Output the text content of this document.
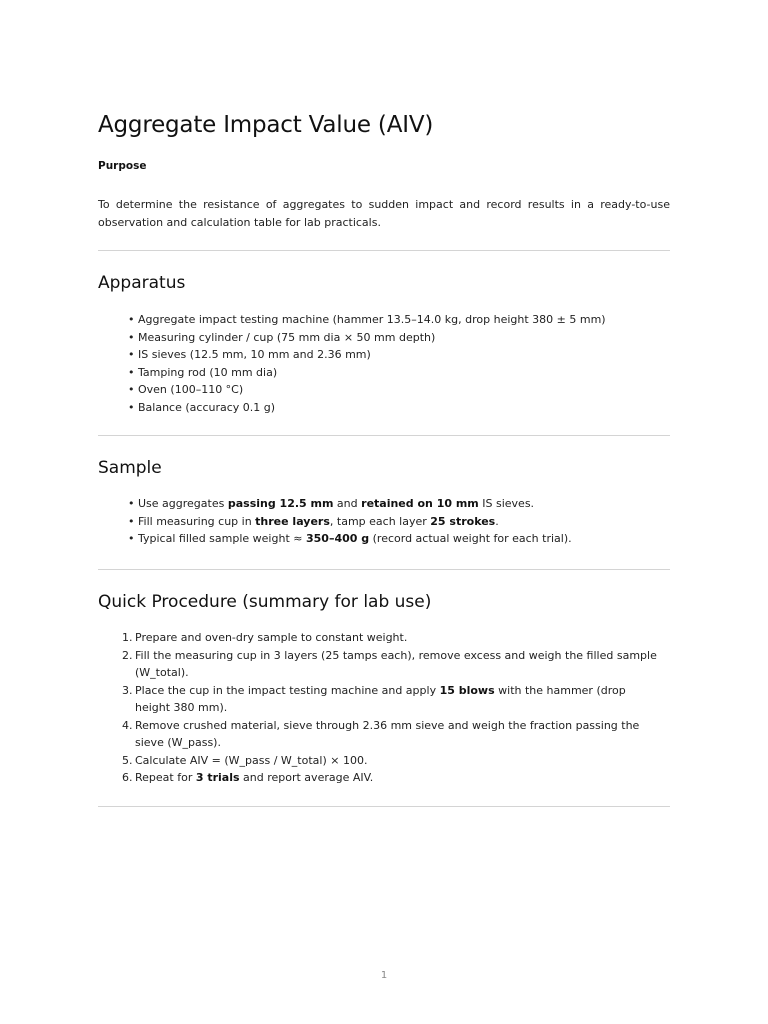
Aggregate Impact Value (AIV)

Purpose

To determine the resistance of aggregates to sudden impact and record results in a ready-to-use observation and calculation table for lab practicals.

Apparatus
• Aggregate impact testing machine (hammer 13.5–14.0 kg, drop height 380 ± 5 mm)
• Measuring cylinder / cup (75 mm dia × 50 mm depth)
• IS sieves (12.5 mm, 10 mm and 2.36 mm)
• Tamping rod (10 mm dia)
• Oven (100–110 °C)
• Balance (accuracy 0.1 g)
Sample
• Use aggregates passing 12.5 mm and retained on 10 mm IS sieves.
• Fill measuring cup in three layers, tamp each layer 25 strokes.
• Typical filled sample weight ≈ 350–400 g (record actual weight for each trial).
Quick Procedure (summary for lab use)
1. Prepare and oven-dry sample to constant weight.
2. Fill the measuring cup in 3 layers (25 tamps each), remove excess and weigh the filled sample (W_total).
3. Place the cup in the impact testing machine and apply 15 blows with the hammer (drop height 380 mm).
4. Remove crushed material, sieve through 2.36 mm sieve and weigh the fraction passing the sieve (W_pass).
5. Calculate AIV = (W_pass / W_total) × 100.
6. Repeat for 3 trials and report average AIV.
1
